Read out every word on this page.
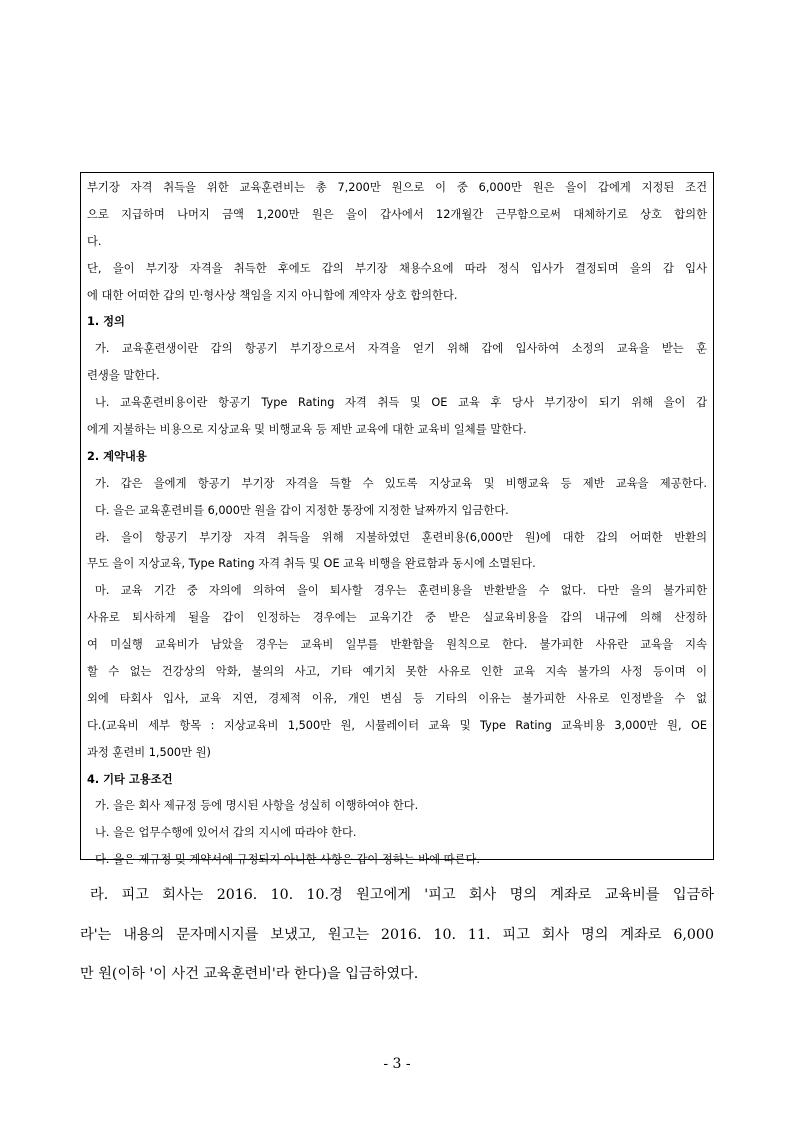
부기장 자격 취득을 위한 교육훈련비는 총 7,200만 원으로 이 중 6,000만 원은 을이 갑에게 지정된 조건
으로 지급하며 나머지 금액 1,200만 원은 을이 갑사에서 12개월간 근무함으로써 대체하기로 상호 합의한
다.
단, 을이 부기장 자격을 취득한 후에도 갑의 부기장 채용수요에 따라 정식 입사가 결정되며 을의 갑 입사
에 대한 어떠한 갑의 민·형사상 책임을 지지 아니함에 계약자 상호 합의한다.
1. 정의
가. 교육훈련생이란 갑의 항공기 부기장으로서 자격을 얻기 위해 갑에 입사하여 소정의 교육을 받는 훈
련생을 말한다.
나. 교육훈련비용이란 항공기 Type Rating 자격 취득 및 OE 교육 후 당사 부기장이 되기 위해 을이 갑
에게 지불하는 비용으로 지상교육 및 비행교육 등 제반 교육에 대한 교육비 일체를 말한다.
2. 계약내용
가. 갑은 을에게 항공기 부기장 자격을 득할 수 있도록 지상교육 및 비행교육 등 제반 교육을 제공한다.
다. 을은 교육훈련비를 6,000만 원을 갑이 지정한 통장에 지정한 날짜까지 입금한다.
라. 을이 항공기 부기장 자격 취득을 위해 지불하였던 훈련비용(6,000만 원)에 대한 갑의 어떠한 반환의
무도 을이 지상교육, Type Rating 자격 취득 및 OE 교육 비행을 완료함과 동시에 소멸된다.
마. 교육 기간 중 자의에 의하여 을이 퇴사할 경우는 훈련비용을 반환받을 수 없다. 다만 을의 불가피한
사유로 퇴사하게 될을 갑이 인정하는 경우에는 교육기간 중 받은 실교육비용을 갑의 내규에 의해 산정하
여 미실행 교육비가 남았을 경우는 교육비 일부를 반환함을 원칙으로 한다. 불가피한 사유란 교육을 지속
할 수 없는 건강상의 악화, 불의의 사고, 기타 예기치 못한 사유로 인한 교육 지속 불가의 사정 등이며 이
외에 타회사 입사, 교육 지연, 경제적 이유, 개인 변심 등 기타의 이유는 불가피한 사유로 인정받을 수 없
다.(교육비 세부 항목 : 지상교육비 1,500만 원, 시뮬레이터 교육 및 Type Rating 교육비용 3,000만 원, OE
과정 훈련비 1,500만 원)
4. 기타 고용조건
가. 을은 회사 제규정 등에 명시된 사항을 성실히 이행하여야 한다.
나. 을은 업무수행에 있어서 갑의 지시에 따라야 한다.
다. 을은 제규정 및 계약서에 규정되지 아니한 사항은 갑이 정하는 바에 따른다.
라. 피고 회사는 2016. 10. 10.경 원고에게 '피고 회사 명의 계좌로 교육비를 입금하
라'는 내용의 문자메시지를 보냈고, 원고는 2016. 10. 11. 피고 회사 명의 계좌로 6,000
만 원(이하 '이 사건 교육훈련비'라 한다)을 입금하였다.
- 3 -
